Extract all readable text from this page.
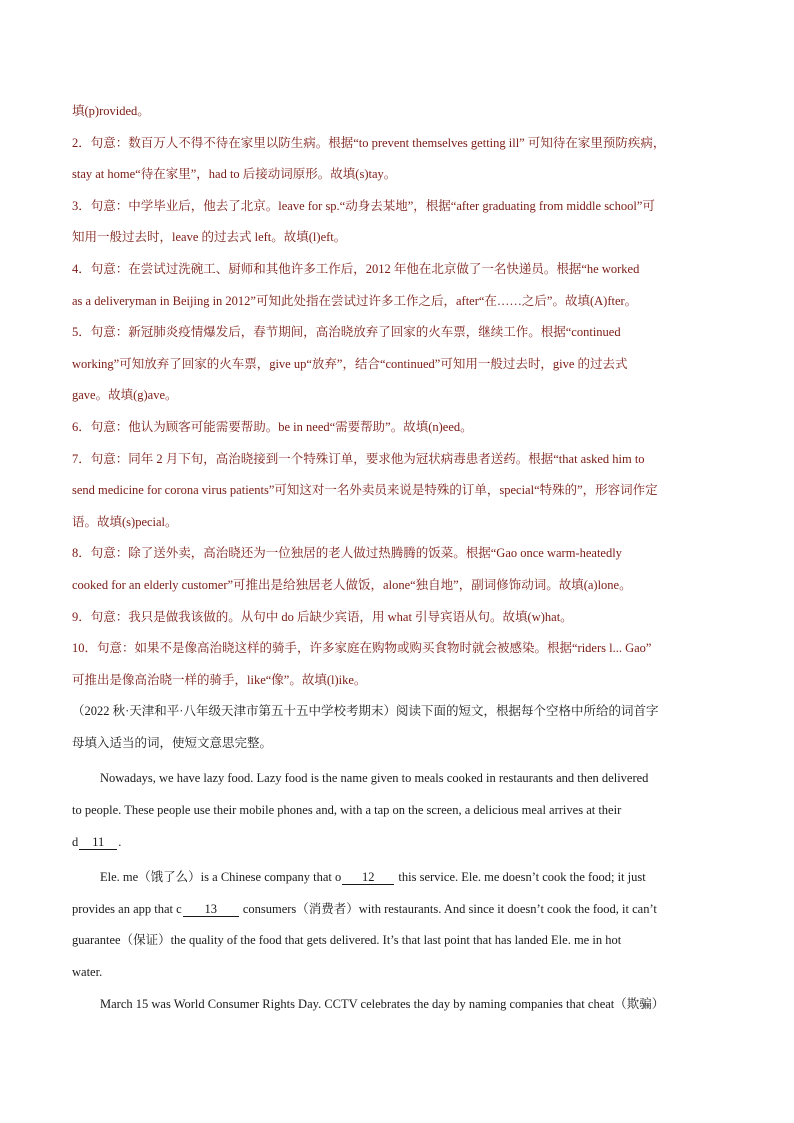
填(p)rovided。
2．句意：数百万人不得不待在家里以防生病。根据“to prevent themselves getting ill” 可知待在家里预防疾病，
stay at home“待在家里”，had to 后接动词原形。故填(s)tay。
3．句意：中学毕业后，他去了北京。leave for sp.“动身去某地”，根据“after graduating from middle school”可
知用一般过去时，leave 的过去式 left。故填(l)eft。
4．句意：在尝试过洗碗工、厨师和其他许多工作后，2012 年他在北京做了一名快递员。根据“he worked
as a deliveryman in Beijing in 2012”可知此处指在尝试过许多工作之后，after“在……之后”。故填(A)fter。
5．句意：新冠肺炎疫情爆发后，春节期间，高治晓放弃了回家的火车票，继续工作。根据“continued
working”可知放弃了回家的火车票，give up“放弃”，结合“continued”可知用一般过去时，give 的过去式
gave。故填(g)ave。
6．句意：他认为顾客可能需要帮助。be in need“需要帮助”。故填(n)eed。
7．句意：同年 2 月下旬，高治晓接到一个特殊订单，要求他为冠状病毒患者送药。根据“that asked him to
send medicine for corona virus patients”可知这对一名外卖员来说是特殊的订单，special“特殊的”，形容词作定
语。故填(s)pecial。
8．句意：除了送外卖，高治晓还为一位独居的老人做过热腾腾的饭菜。根据“Gao once warm-heatedly
cooked for an elderly customer”可推出是给独居老人做饭，alone“独自地”，副词修饰动词。故填(a)lone。
9．句意：我只是做我该做的。从句中 do 后缺少宾语，用 what 引导宾语从句。故填(w)hat。
10．句意：如果不是像高治晓这样的骑手，许多家庭在购物或购买食物时就会被感染。根据“riders l... Gao”
可推出是像高治晓一样的骑手，like“像”。故填(l)ike。
（2022 秋·天津和平·八年级天津市第五十五中学校考期末）阅读下面的短文，根据每个空格中所给的词首字
母填入适当的词，使短文意思完整。
Nowadays, we have lazy food. Lazy food is the name given to meals cooked in restaurants and then delivered
to people. These people use their mobile phones and, with a tap on the screen, a delicious meal arrives at their
d 11 .
Ele. me（饿了么）is a Chinese company that o 12 this service. Ele. me doesn’t cook the food; it just
provides an app that c 13 consumers（消费者）with restaurants. And since it doesn’t cook the food, it can’t
guarantee（保证）the quality of the food that gets delivered. It’s that last point that has landed Ele. me in hot
water.
March 15 was World Consumer Rights Day. CCTV celebrates the day by naming companies that cheat（欺骗）
